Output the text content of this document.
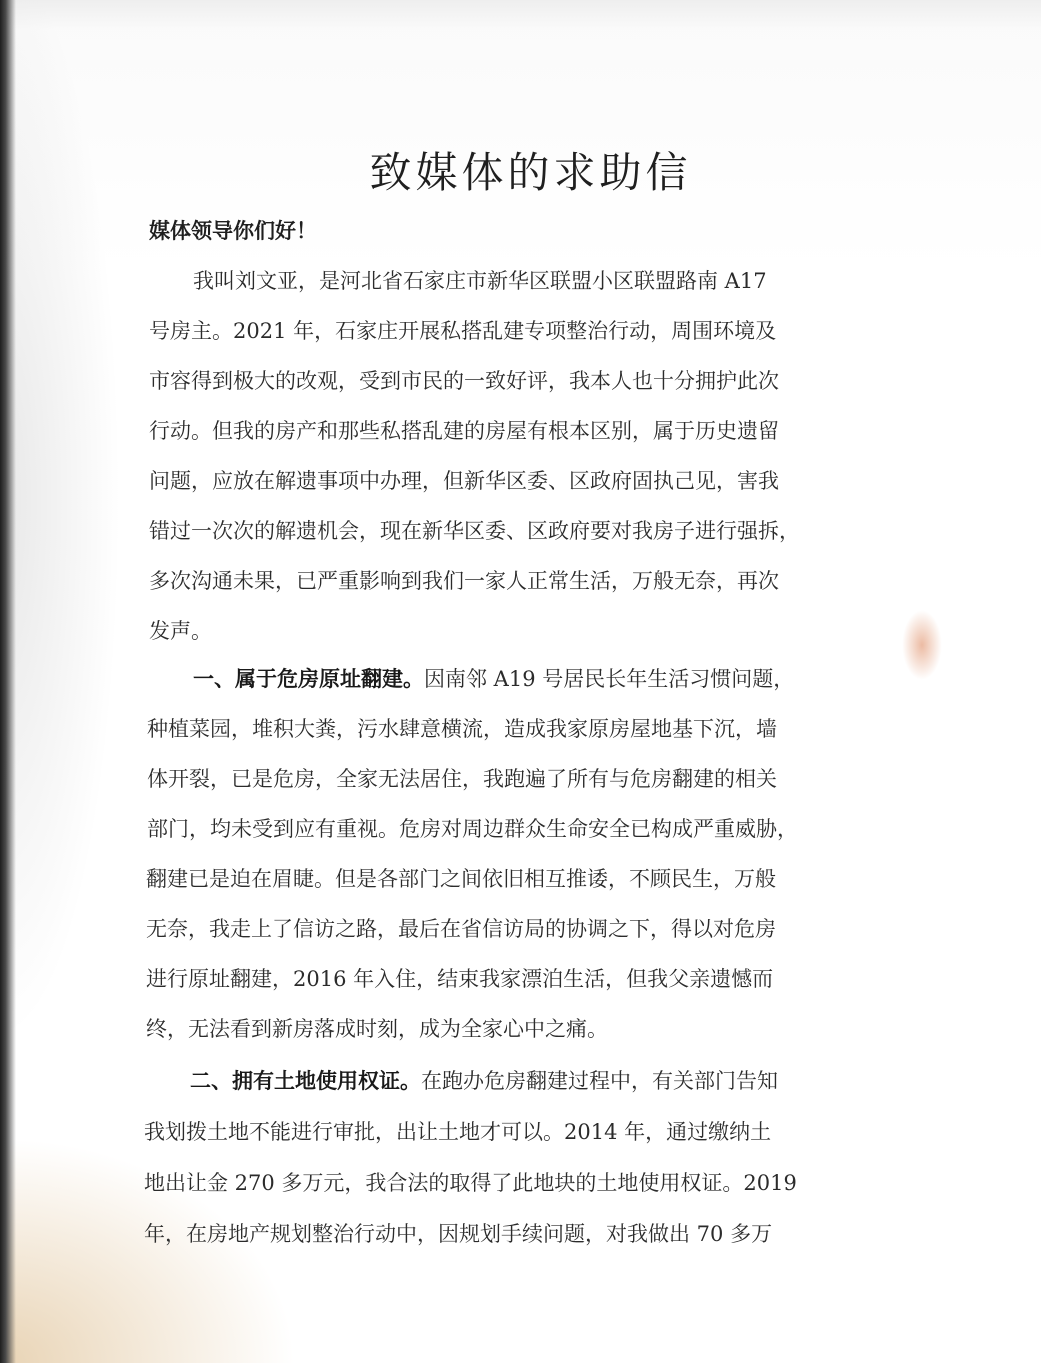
致媒体的求助信
媒体领导你们好！
我叫刘文亚，是河北省石家庄市新华区联盟小区联盟路南 A17
号房主。2021 年，石家庄开展私搭乱建专项整治行动，周围环境及
市容得到极大的改观，受到市民的一致好评，我本人也十分拥护此次
行动。但我的房产和那些私搭乱建的房屋有根本区别，属于历史遗留
问题，应放在解遗事项中办理，但新华区委、区政府固执己见，害我
错过一次次的解遗机会，现在新华区委、区政府要对我房子进行强拆，
多次沟通未果，已严重影响到我们一家人正常生活，万般无奈，再次
发声。
一、属于危房原址翻建。因南邻 A19 号居民长年生活习惯问题，
种植菜园，堆积大粪，污水肆意横流，造成我家原房屋地基下沉，墙
体开裂，已是危房，全家无法居住，我跑遍了所有与危房翻建的相关
部门，均未受到应有重视。危房对周边群众生命安全已构成严重威胁，
翻建已是迫在眉睫。但是各部门之间依旧相互推诿，不顾民生，万般
无奈，我走上了信访之路，最后在省信访局的协调之下，得以对危房
进行原址翻建，2016 年入住，结束我家漂泊生活，但我父亲遗憾而
终，无法看到新房落成时刻，成为全家心中之痛。
二、拥有土地使用权证。在跑办危房翻建过程中，有关部门告知
我划拨土地不能进行审批，出让土地才可以。2014 年，通过缴纳土
地出让金 270 多万元，我合法的取得了此地块的土地使用权证。2019
年，在房地产规划整治行动中，因规划手续问题，对我做出 70 多万
